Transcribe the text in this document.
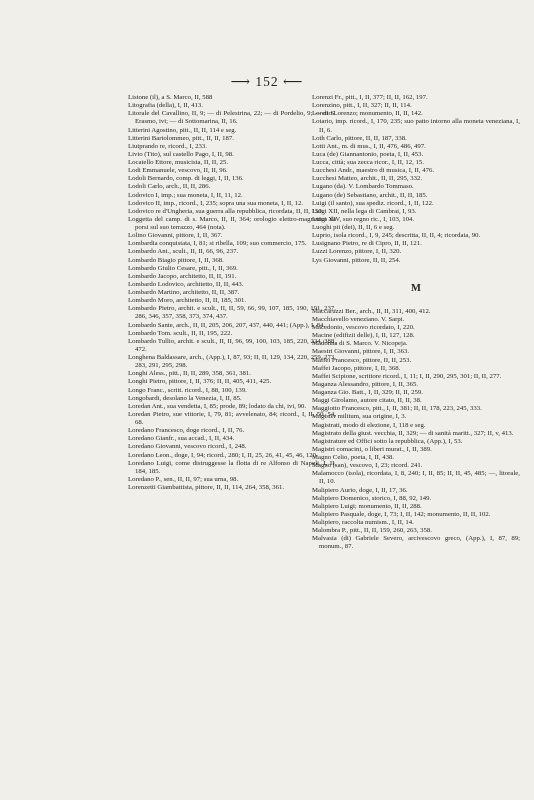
⟶ 152 ⟵

Listone (il), a S. Marco, II, 588

Litografia (della), I, II, 413.

Litorale del Cavallino, II, 9; — di Pelestrina, 22; — di Pordelio, 9; — di S. Erasmo, ivi; — di Sottomarina, II, 16.

Litterini Agostino, pitt., II, II, 114 e seg.

Litterini Bartolommeo, pitt., II, II, 187.

Liutprando re, ricord., I, 233.

Livio (Tito), sul castello Pago, I, II, 98.

Locatello Ettore, musicista, II, II, 25.

Lodi Emmanuele, vescovo, II, II, 96.

Lodoli Bernardo, comp. di leggi, I, II, 136.

Lodoli Carlo, arch., II, II, 286.

Lodovico I, imp.; sua moneta, I, II, 11, 12.

Lodovico II, imp., ricord., I, 235; sopra una sua moneta, I, II, 12.

Lodovico re d'Ungheria, sua guerra alla repubblica, ricordata, II, II, 150.

Loggetta del camp. di s. Marco, II, II, 364; orologio elettro-magnetico da porsi sul suo terrazzo, 464 (nota).

Lolino Giovanni, pittore, I, II, 367.

Lombardia conquistata, I, 81; si ribella, 109; suo commercio, 175.

Lombardo Ant., scult., II, II, 66, 96, 237.

Lombardo Biagio pittore, I, II, 368.

Lombardo Giulio Cesare, pitt., I, II, 369.

Lombardo Jacopo, architetto, II, II, 191.

Lombardo Lodovico, architetto, II, II, 443.

Lombardo Martino, architetto, II, II, 387.

Lombardo Moro, architetto, II, II, 185, 301.

Lombardo Pietro, archit. e scult., II, II, 59, 66, 99, 107, 185, 190, 191, 237, 286, 346, 357, 358, 373, 374, 437.

Lombardo Sante, arch., II, II, 205, 206, 207, 437, 440, 441; (App.), I, 84.

Lombardo Tom. scult., II, II, 195, 222.

Lombardo Tullio, archit. e scult., II, II, 96, 99, 100, 103, 185, 220, 224, 388, 472.

Longhena Baldassare, arch., (App.), I, 87, 93; II, II, 129, 134, 220, 259, 273, 283, 291, 295, 298.

Longhi Aless., pitt., II, II, 289, 358, 361, 381.

Longhi Pietro, pittore, I, II, 376; II, II, 405, 411, 425.

Longo Franc., scritt. ricord., I, 88, 100, 139.

Longobardi, desolano la Venezia, I, II, 85.

Loredan Ant., sua vendetta, I, 85; prode, 89; lodato da chi, ivi, 90.

Loredan Pietro, sue vittorie, I, 79, 81; avvelenato, 84; ricord., I, II, 50, 54, 68.

Loredano Francesco, doge ricord., I, II, 76.

Loredano Gianfr., sua accad., I, II, 434.

Loredano Giovanni, vescovo ricord., I, 248.

Loredano Leon., doge, I, 94; ricord., 280; I, II, 25, 26, 41, 45, 46, 120.

Loredano Luigi, come distruggesse la flotta di re Alfonso di Napoli, I, II, 184, 185.

Loredano P., sen., II, II, 97; sua urna, 98.

Lorenzetti Giambattista, pittore, II, II, 114, 264, 358, 361.

Lorenzi Fr., pitt., I, II, 377; II, II, 162, 197.

Lorenzino, pitt., I, II, 327; II, II, 114.

Loretto Lorenzo; monumento, II, II, 142.

Lotario, imp. ricord., I, 170, 235; suo patto intorno alla moneta veneziana, I, II, 6.

Loth Carlo, pittore, II, II, 187, 338.

Lotti Ant., m. di mus., I, II, 476, 486, 497.

Luca (de) Giannantonio, poeta, I, II, 453.

Lucca, città; sua zecca ricor., I, II, 12, 15.

Lucchesi Andr., maestro di musica, I, II, 476.

Lucchesi Matteo, archit., II, II, 295, 332.

Lugano (da). V. Lombardo Tommaso.

Lugano (de) Sebastiano, archit., II, II, 185.

Luigi (il santo), sua spediz. ricord., I, II, 122.

Luigi XII, nella lega di Cambrai, I, 93.

Luigi XIV, suo regno ric., I, 103, 104.

Luoghi pii (dei), II, II, 6 e seg.

Luprio, isola ricord., I, 9, 245; descritta, II, II, 4; ricordata, 90.

Lusignano Pietro, re di Cipro, II, II, 121.

Luzzi Lorenzo, pittore, I, II, 320.

Lys Giovanni, pittore, II, II, 254.

M

Maccaruzzi Ber., arch., II, II, 311, 400, 412.

Macchiavello veneziano. V. Sarpi.

Macedonio, vescovo ricordato, I, 220.

Macine (edifizii delle), I, II, 127, 128.

Madonna di S. Marco. V. Nicopeja.

Maestri Giovanni, pittore, I, II, 363.

Maffei Francesco, pittore, II, II, 253.

Maffei Jacopo, pittore, I, II, 368.

Maffei Scipione, scrittore ricord., I, 11; I, II, 290, 295, 301; II, II, 277.

Maganza Alessandro, pittore, I, II, 365.

Maganza Gio. Batt., I, II, 329; II, II, 259.

Maggi Girolamo, autore citato, II, II, 38.

Maggiotto Francesco, pitt., I, II, 381; II, II, 178, 223, 245, 333.

Magister militum, sua origine, I, 3.

Magistrati, modo di elezione, I, 118 e seg.

Magistrato della giust. vecchia, II, 329; — di sanità maritt., 327; II, v, 413.

Magistrature ed Offici sotto la repubblica, (App.), I, 53.

Magistri comacini, o liberi murat., I, II, 389.

Magno Celio, poeta, I, II, 438.

Magno (san), vescovo, I, 23; ricord. 241.

Malamocco (isola), ricordata, I, 8, 240; I, II, 85; II, II, 45, 485; —, litorale, II, 10.

Malipiero Aurio, doge, I, II, 17, 36.

Malipiero Domenico, storico, I, 88, 92, 149.

Malipiero Luigi; monumento, II, II, 288.

Malipiero Pasquale, doge, I, 73; I, II, 142; monumento, II, II, 102.

Malipiero, raccolta numism., I, II, 14.

Malombra P., pitt., II, II, 159, 260, 263, 358.

Malvasia (di) Gabriele Severo, arcivescovo greco, (App.), I, 87, 89; monum., 87.
